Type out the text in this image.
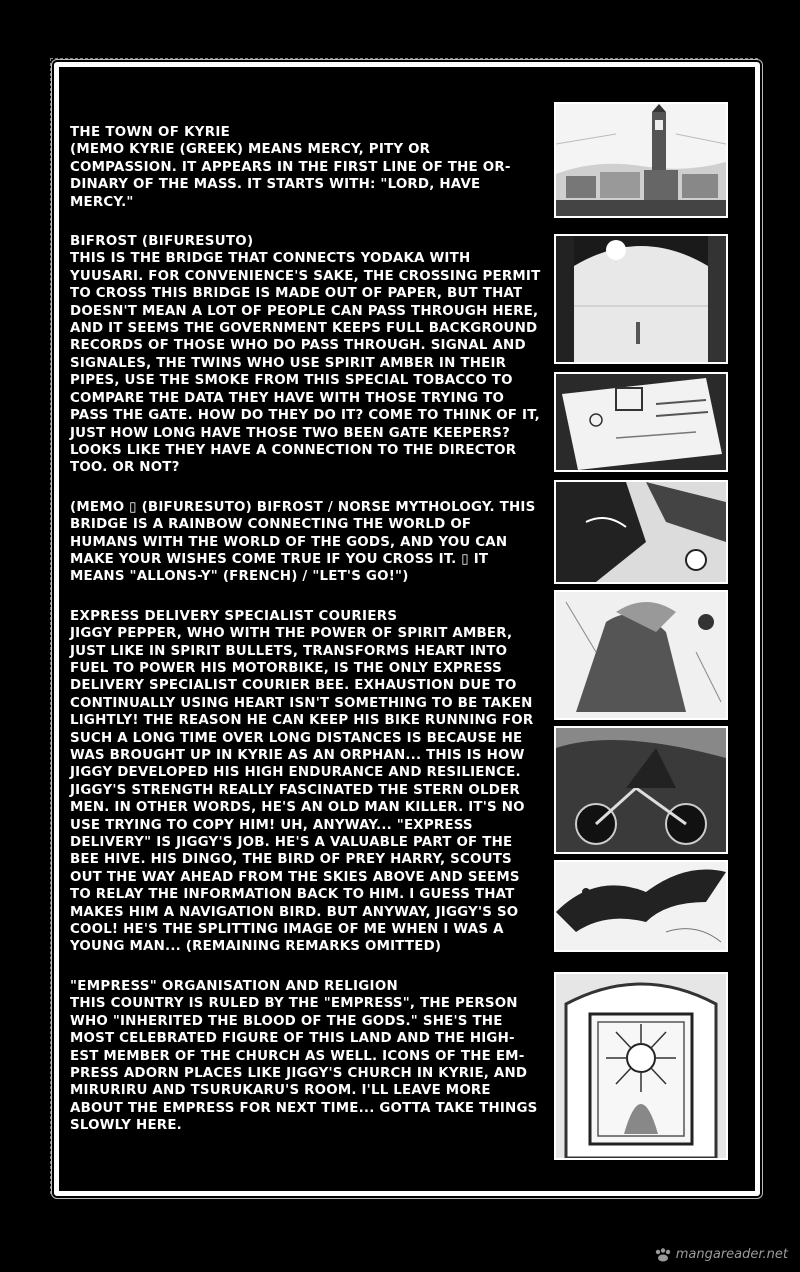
THE TOWN OF KYRIE

(MEMO KYRIE (GREEK) MEANS MERCY, PITY OR COMPASSION. IT APPEARS IN THE FIRST LINE OF THE OR- DINARY OF THE MASS. IT STARTS WITH: "LORD, HAVE MERCY."

BIFROST (BIFURESUTO)

THIS IS THE BRIDGE THAT CONNECTS YODAKA WITH YUUSARI. FOR CONVENIENCE'S SAKE, THE CROSSING PERMIT TO CROSS THIS BRIDGE IS MADE OUT OF PAPER, BUT THAT DOESN'T MEAN A LOT OF PEOPLE CAN PASS THROUGH HERE, AND IT SEEMS THE GOVERNMENT KEEPS FULL BACKGROUND RECORDS OF THOSE WHO DO PASS THROUGH. SIGNAL AND SIGNALES, THE TWINS WHO USE SPIRIT AMBER IN THEIR PIPES, USE THE SMOKE FROM THIS SPECIAL TOBACCO TO COMPARE THE DATA THEY HAVE WITH THOSE TRYING TO PASS THE GATE. HOW DO THEY DO IT? COME TO THINK OF IT, JUST HOW LONG HAVE THOSE TWO BEEN GATE KEEPERS? LOOKS LIKE THEY HAVE A CONNECTION TO THE DIRECTOR TOO. OR NOT?

(MEMO ▯ (BIFURESUTO) BIFROST / NORSE MYTHOLOGY. THIS BRIDGE IS A RAINBOW CONNECTING THE WORLD OF HUMANS WITH THE WORLD OF THE GODS, AND YOU CAN MAKE YOUR WISHES COME TRUE IF YOU CROSS IT. ▯ IT MEANS "ALLONS-Y" (FRENCH) / "LET'S GO!")

EXPRESS DELIVERY SPECIALIST COURIERS

JIGGY PEPPER, WHO WITH THE POWER OF SPIRIT AMBER, JUST LIKE IN SPIRIT BULLETS, TRANSFORMS HEART INTO FUEL TO POWER HIS MOTORBIKE, IS THE ONLY EXPRESS DELIVERY SPECIALIST COURIER BEE. EXHAUSTION DUE TO CONTINUALLY USING HEART ISN'T SOMETHING TO BE TAKEN LIGHTLY! THE REASON HE CAN KEEP HIS BIKE RUNNING FOR SUCH A LONG TIME OVER LONG DISTANCES IS BECAUSE HE WAS BROUGHT UP IN KYRIE AS AN ORPHAN... THIS IS HOW JIGGY DEVELOPED HIS HIGH ENDURANCE AND RESILIENCE. JIGGY'S STRENGTH REALLY FASCINATED THE STERN OLDER MEN. IN OTHER WORDS, HE'S AN OLD MAN KILLER. IT'S NO USE TRYING TO COPY HIM! UH, ANYWAY... "EXPRESS DELIVERY" IS JIGGY'S JOB. HE'S A VALUABLE PART OF THE BEE HIVE. HIS DINGO, THE BIRD OF PREY HARRY, SCOUTS OUT THE WAY AHEAD FROM THE SKIES ABOVE AND SEEMS TO RELAY THE INFORMATION BACK TO HIM. I GUESS THAT MAKES HIM A NAVIGATION BIRD. BUT ANYWAY, JIGGY'S SO COOL! HE'S THE SPLITTING IMAGE OF ME WHEN I WAS A YOUNG MAN... (REMAINING REMARKS OMITTED)

"EMPRESS" ORGANISATION AND RELIGION

THIS COUNTRY IS RULED BY THE "EMPRESS", THE PERSON WHO "INHERITED THE BLOOD OF THE GODS." SHE'S THE MOST CELEBRATED FIGURE OF THIS LAND AND THE HIGH- EST MEMBER OF THE CHURCH AS WELL. ICONS OF THE EM- PRESS ADORN PLACES LIKE JIGGY'S CHURCH IN KYRIE, AND MIRURIRU AND TSURUKARU'S ROOM. I'LL LEAVE MORE ABOUT THE EMPRESS FOR NEXT TIME... GOTTA TAKE THINGS SLOWLY HERE.

mangareader.net
